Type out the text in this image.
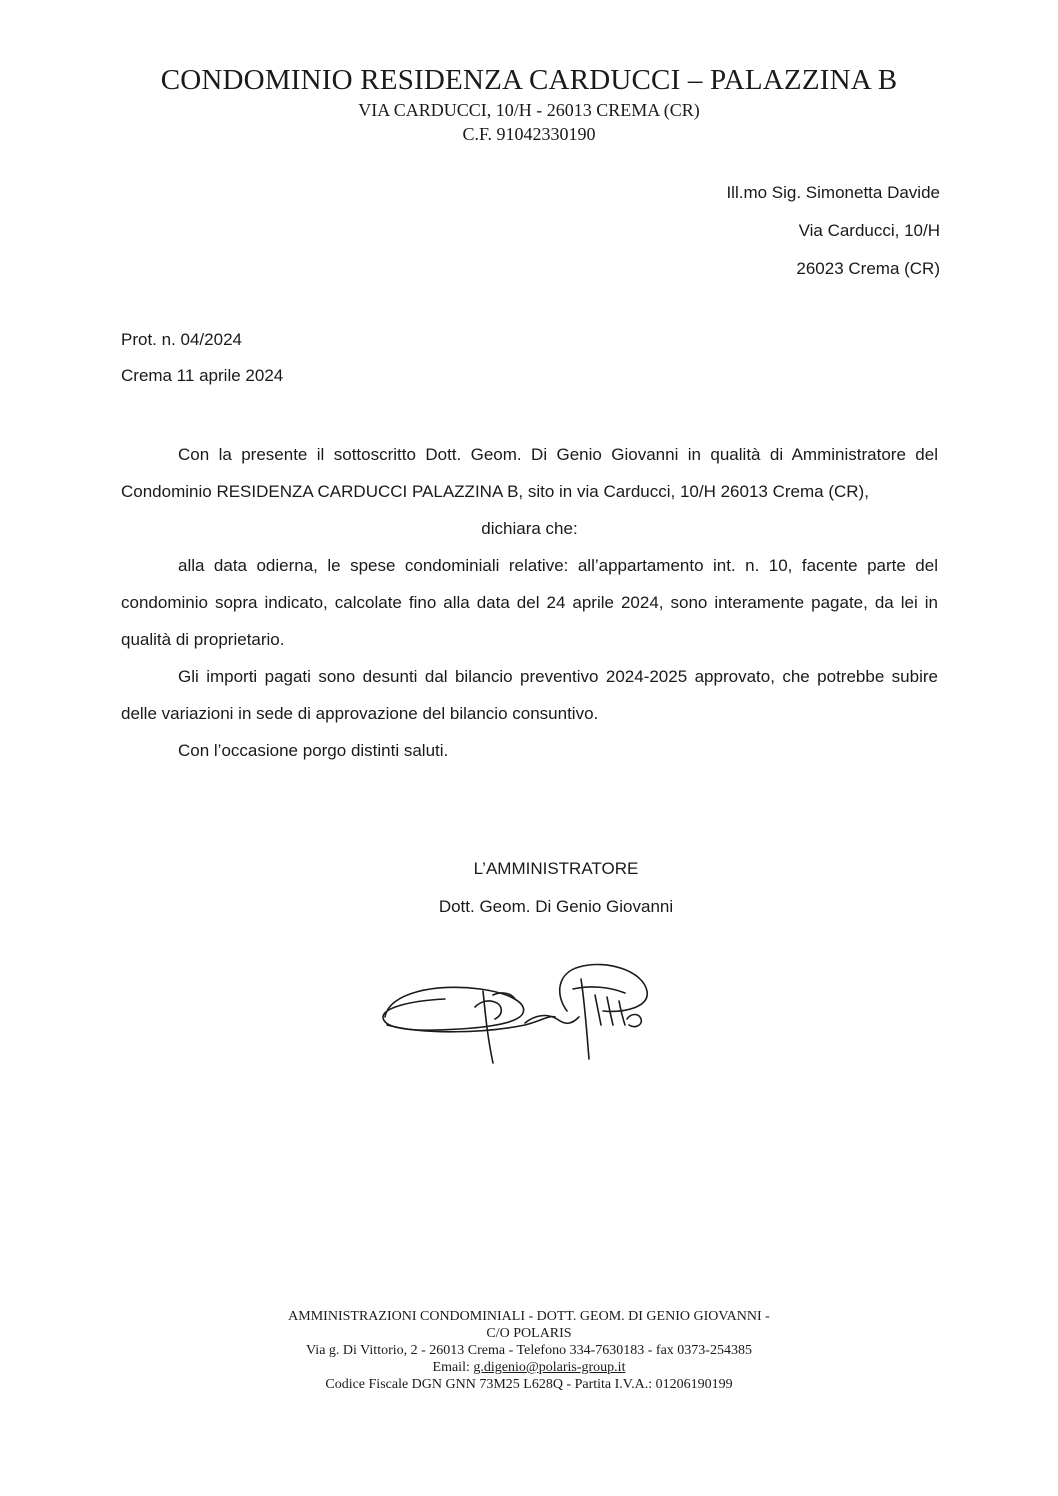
CONDOMINIO RESIDENZA CARDUCCI – PALAZZINA B
VIA CARDUCCI, 10/H - 26013 CREMA (CR)
C.F. 91042330190
Ill.mo Sig. Simonetta Davide
Via Carducci, 10/H
26023 Crema (CR)
Prot. n. 04/2024
Crema 11 aprile 2024

Con la presente il sottoscritto Dott. Geom. Di Genio Giovanni in qualità di Amministratore del Condominio RESIDENZA CARDUCCI PALAZZINA B, sito in via Carducci, 10/H 26013 Crema (CR),

dichiara che:

alla data odierna, le spese condominiali relative: all’appartamento int. n. 10, facente parte del condominio sopra indicato, calcolate fino alla data del 24 aprile 2024, sono interamente pagate, da lei in qualità di proprietario.

Gli importi pagati sono desunti dal bilancio preventivo 2024-2025 approvato, che potrebbe subire delle variazioni in sede di approvazione del bilancio consuntivo.

Con l’occasione porgo distinti saluti.

L’AMMINISTRATORE
Dott. Geom. Di Genio Giovanni
AMMINISTRAZIONI CONDOMINIALI - DOTT. GEOM. DI GENIO GIOVANNI -
C/O POLARIS
Via g. Di Vittorio, 2 - 26013 Crema - Telefono 334-7630183 - fax 0373-254385
Email: g.digenio@polaris-group.it
Codice Fiscale DGN GNN 73M25 L628Q - Partita I.V.A.: 01206190199
